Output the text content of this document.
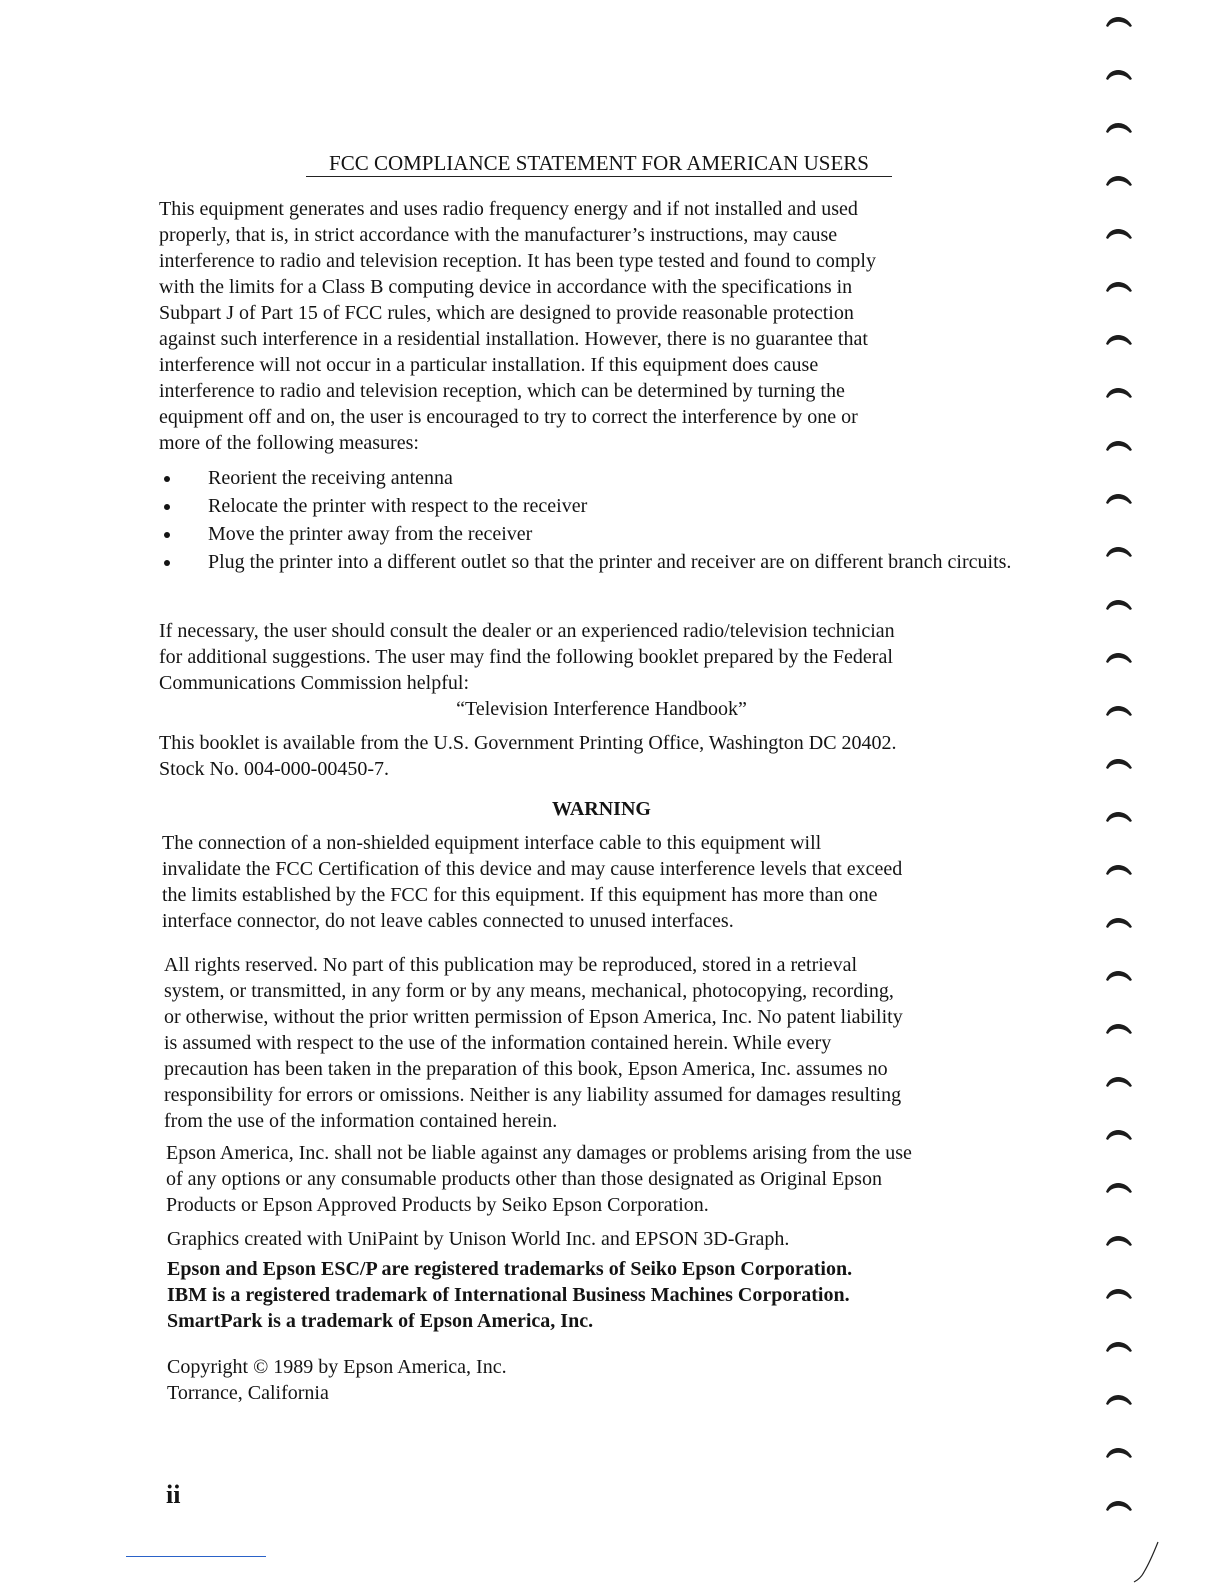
FCC COMPLIANCE STATEMENT FOR AMERICAN USERS
This equipment generates and uses radio frequency energy and if not installed and used
properly, that is, in strict accordance with the manufacturer’s instructions, may cause
interference to radio and television reception. It has been type tested and found to comply
with the limits for a Class B computing device in accordance with the specifications in
Subpart J of Part 15 of FCC rules, which are designed to provide reasonable protection
against such interference in a residential installation. However, there is no guarantee that
interference will not occur in a particular installation. If this equipment does cause
interference to radio and television reception, which can be determined by turning the
equipment off and on, the user is encouraged to try to correct the interference by one or
more of the following measures:
Reorient the receiving antenna
Relocate the printer with respect to the receiver
Move the printer away from the receiver
Plug the printer into a different outlet so that the printer and receiver are on different branch circuits.
If necessary, the user should consult the dealer or an experienced radio/television technician
for additional suggestions. The user may find the following booklet prepared by the Federal
Communications Commission helpful:
“Television Interference Handbook”
This booklet is available from the U.S. Government Printing Office, Washington DC 20402.
Stock No. 004-000-00450-7.
WARNING
The connection of a non-shielded equipment interface cable to this equipment will
invalidate the FCC Certification of this device and may cause interference levels that exceed
the limits established by the FCC for this equipment. If this equipment has more than one
interface connector, do not leave cables connected to unused interfaces.
All rights reserved. No part of this publication may be reproduced, stored in a retrieval
system, or transmitted, in any form or by any means, mechanical, photocopying, recording,
or otherwise, without the prior written permission of Epson America, Inc. No patent liability
is assumed with respect to the use of the information contained herein. While every
precaution has been taken in the preparation of this book, Epson America, Inc. assumes no
responsibility for errors or omissions. Neither is any liability assumed for damages resulting
from the use of the information contained herein.
Epson America, Inc. shall not be liable against any damages or problems arising from the use
of any options or any consumable products other than those designated as Original Epson
Products or Epson Approved Products by Seiko Epson Corporation.
Graphics created with UniPaint by Unison World Inc. and EPSON 3D-Graph.
Epson and Epson ESC/P are registered trademarks of Seiko Epson Corporation.
IBM is a registered trademark of International Business Machines Corporation.
SmartPark is a trademark of Epson America, Inc.
Copyright © 1989 by Epson America, Inc.
Torrance, California
ii
